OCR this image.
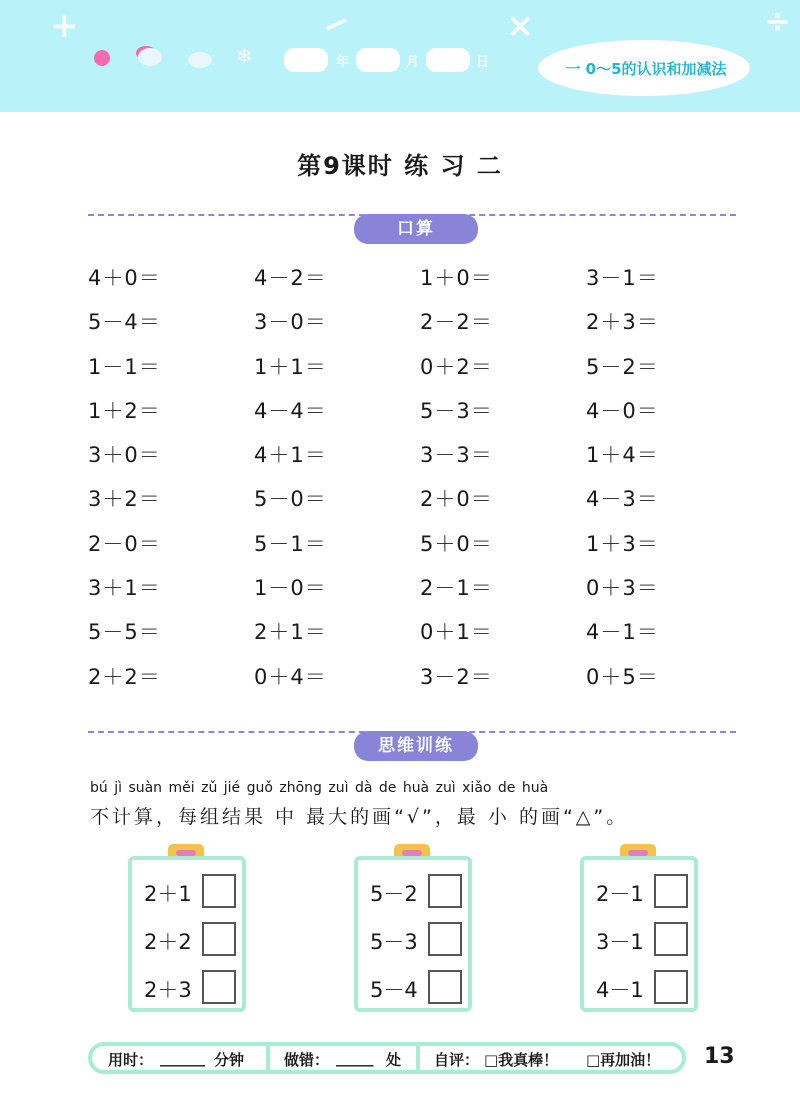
+	−	×	÷
❄	年	月	日	一 0～5的认识和加减法
第9课时 练 习 二
口算
4＋0＝	4－2＝	1＋0＝	3－1＝
5－4＝	3－0＝	2－2＝	2＋3＝
1－1＝	1＋1＝	0＋2＝	5－2＝
1＋2＝	4－4＝	5－3＝	4－0＝
3＋0＝	4＋1＝	3－3＝	1＋4＝
3＋2＝	5－0＝	2＋0＝	4－3＝
2－0＝	5－1＝	5＋0＝	1＋3＝
3＋1＝	1－0＝	2－1＝	0＋3＝
5－5＝	2＋1＝	0＋1＝	4－1＝
2＋2＝	0＋4＝	3－2＝	0＋5＝
思维训练
bú jì suàn měi zǔ jié guǒ zhōng zuì dà de huà zuì xiǎo de huà
不计算，每组结果 中 最大的画“√”，最 小 的画“△”。
2＋1
2＋2
2＋3
5－2
5－3
5－4
2－1
3－1
4－1
用时： ______ 分钟	做错： _____ 处 自评： □我真棒！ □再加油！ 13
